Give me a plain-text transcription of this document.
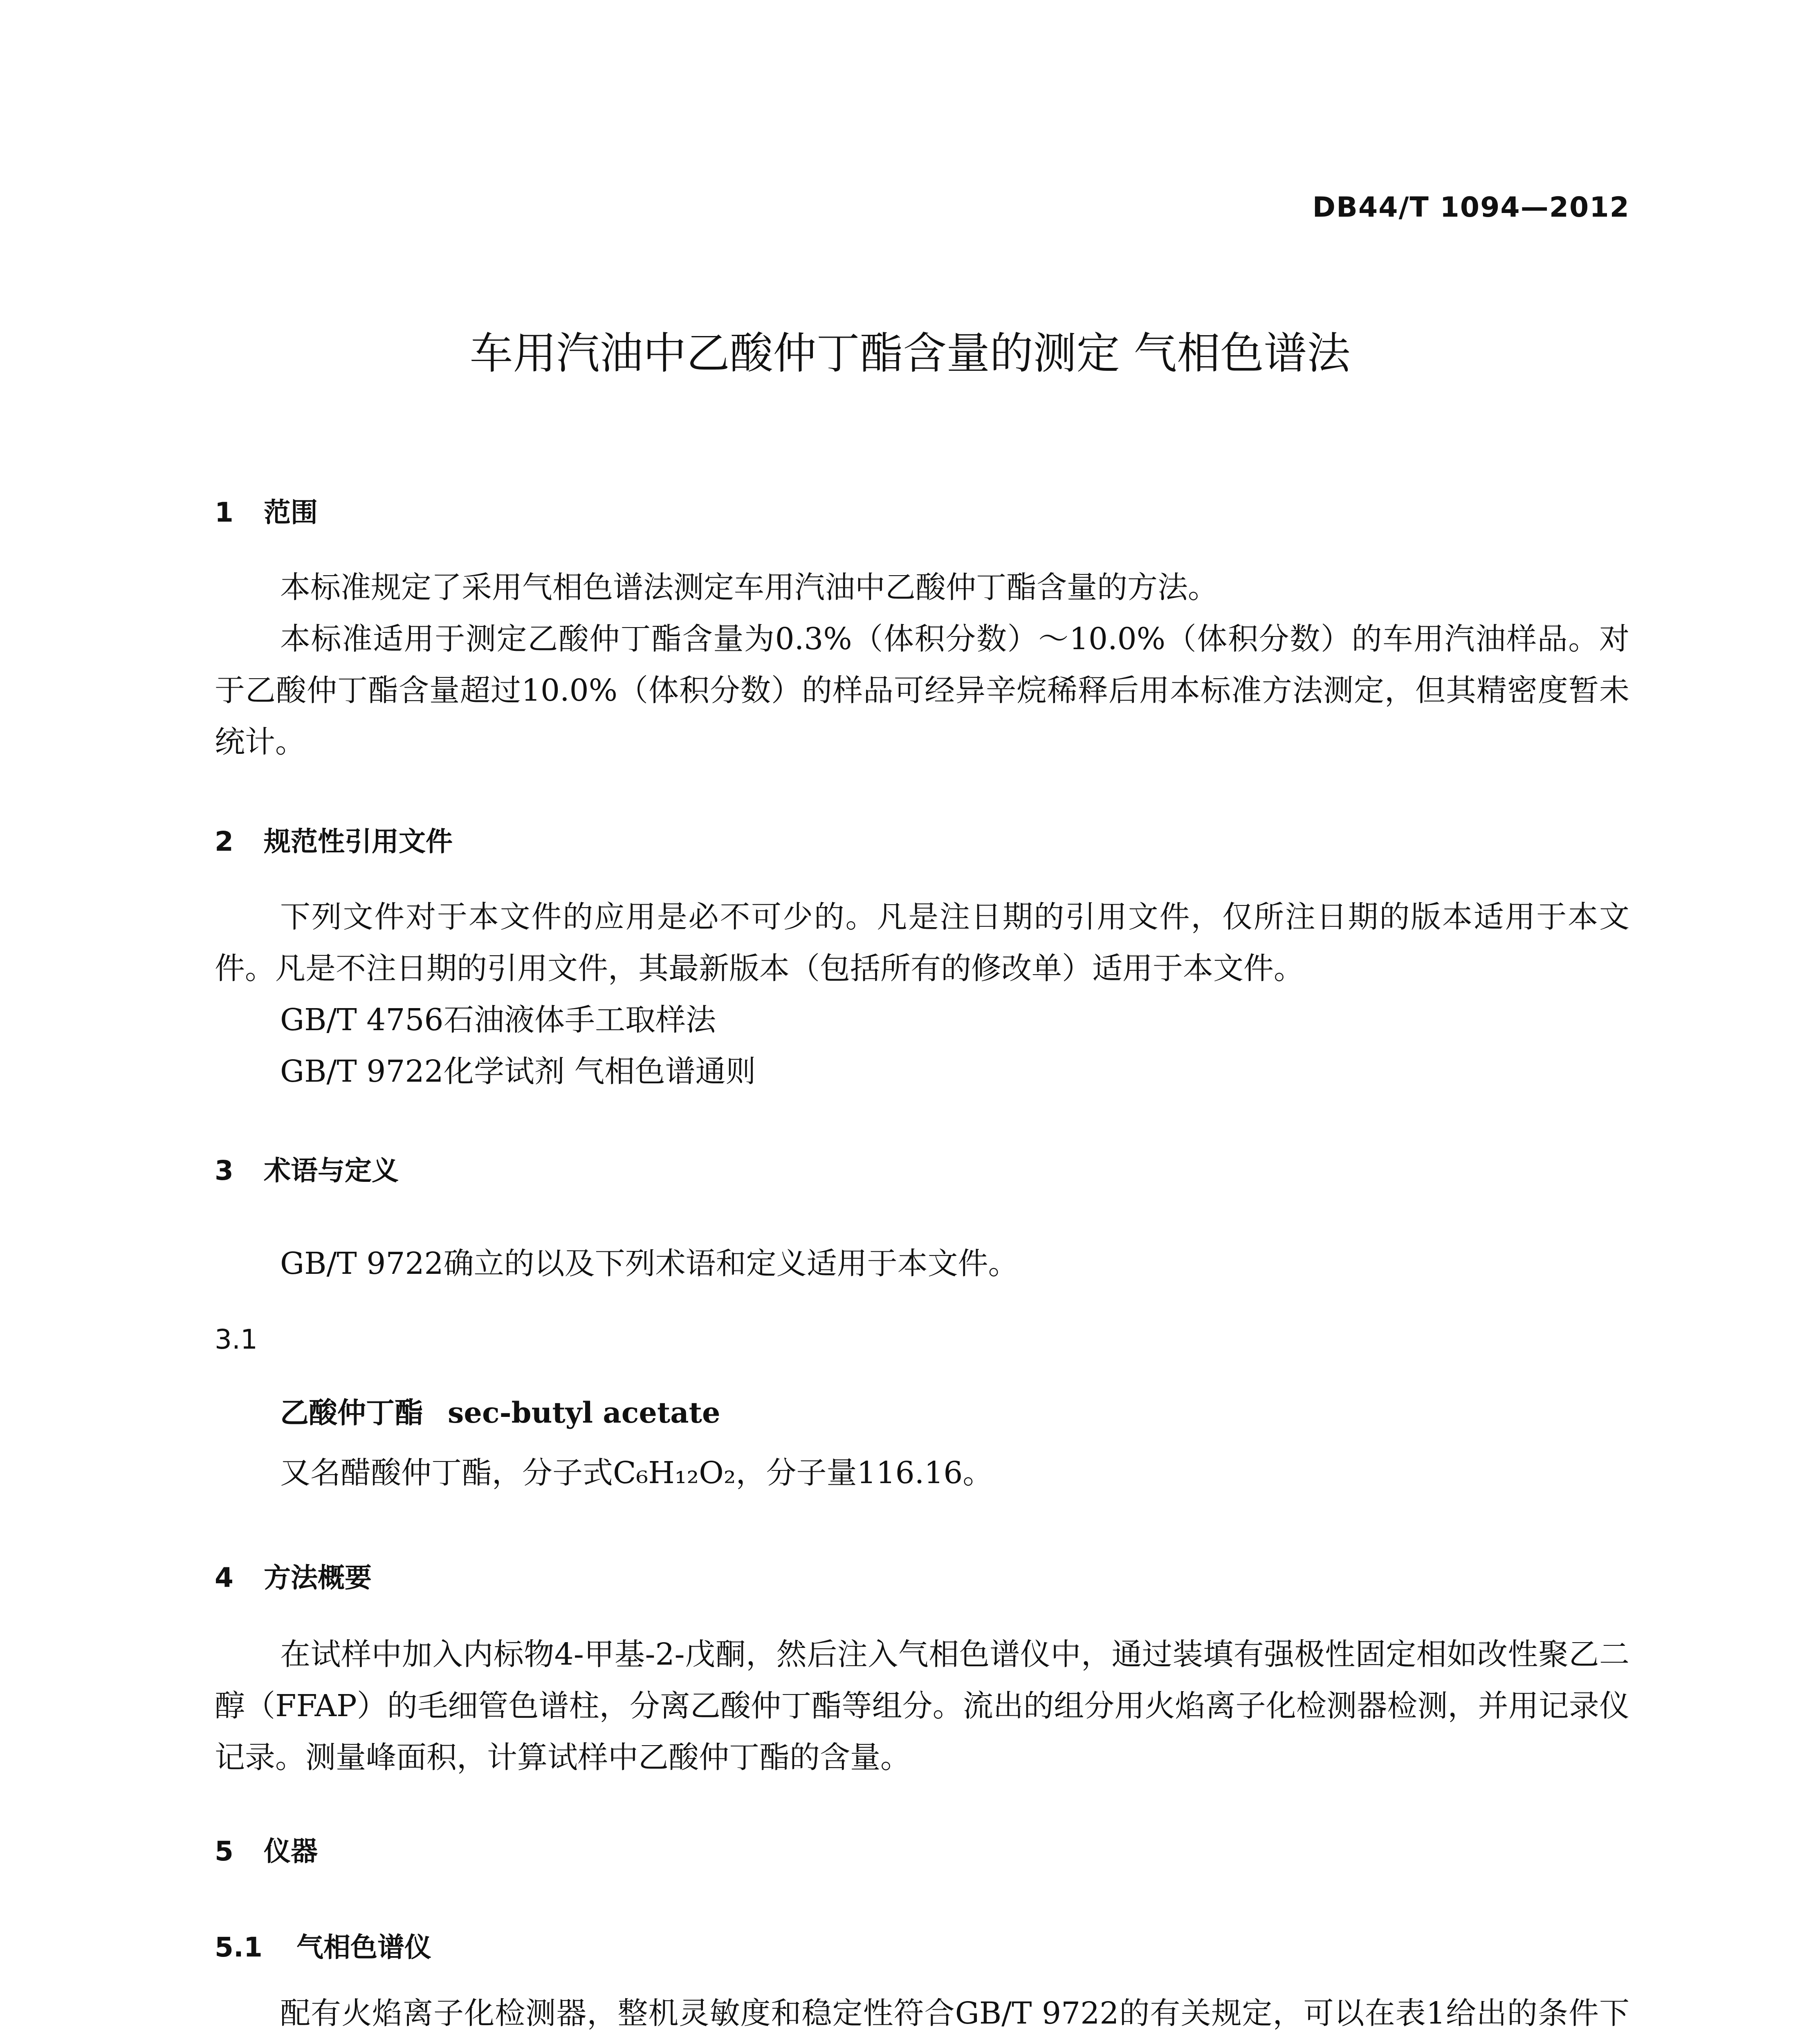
DB44/T 1094—2012
车用汽油中乙酸仲丁酯含量的测定 气相色谱法
1 范围

本标准规定了采用气相色谱法测定车用汽油中乙酸仲丁酯含量的方法。

本标准适用于测定乙酸仲丁酯含量为0.3%（体积分数）～10.0%（体积分数）的车用汽油样品。对于乙酸仲丁酯含量超过10.0%（体积分数）的样品可经异辛烷稀释后用本标准方法测定，但其精密度暂未统计。

2 规范性引用文件

下列文件对于本文件的应用是必不可少的。凡是注日期的引用文件，仅所注日期的版本适用于本文件。凡是不注日期的引用文件，其最新版本（包括所有的修改单）适用于本文件。

GB/T 4756石油液体手工取样法
GB/T 9722化学试剂 气相色谱通则
3 术语与定义
GB/T 9722确立的以及下列术语和定义适用于本文件。
3.1
乙酸仲丁酯 sec-butyl acetate
又名醋酸仲丁酯，分子式C₆H₁₂O₂，分子量116.16。
4 方法概要

在试样中加入内标物4-甲基-2-戊酮，然后注入气相色谱仪中，通过装填有强极性固定相如改性聚乙二醇（FFAP）的毛细管色谱柱，分离乙酸仲丁酯等组分。流出的组分用火焰离子化检测器检测，并用记录仪记录。测量峰面积，计算试样中乙酸仲丁酯的含量。

5 仪器
5.1 气相色谱仪

配有火焰离子化检测器，整机灵敏度和稳定性符合GB/T 9722的有关规定，可以在表1给出的条件下
